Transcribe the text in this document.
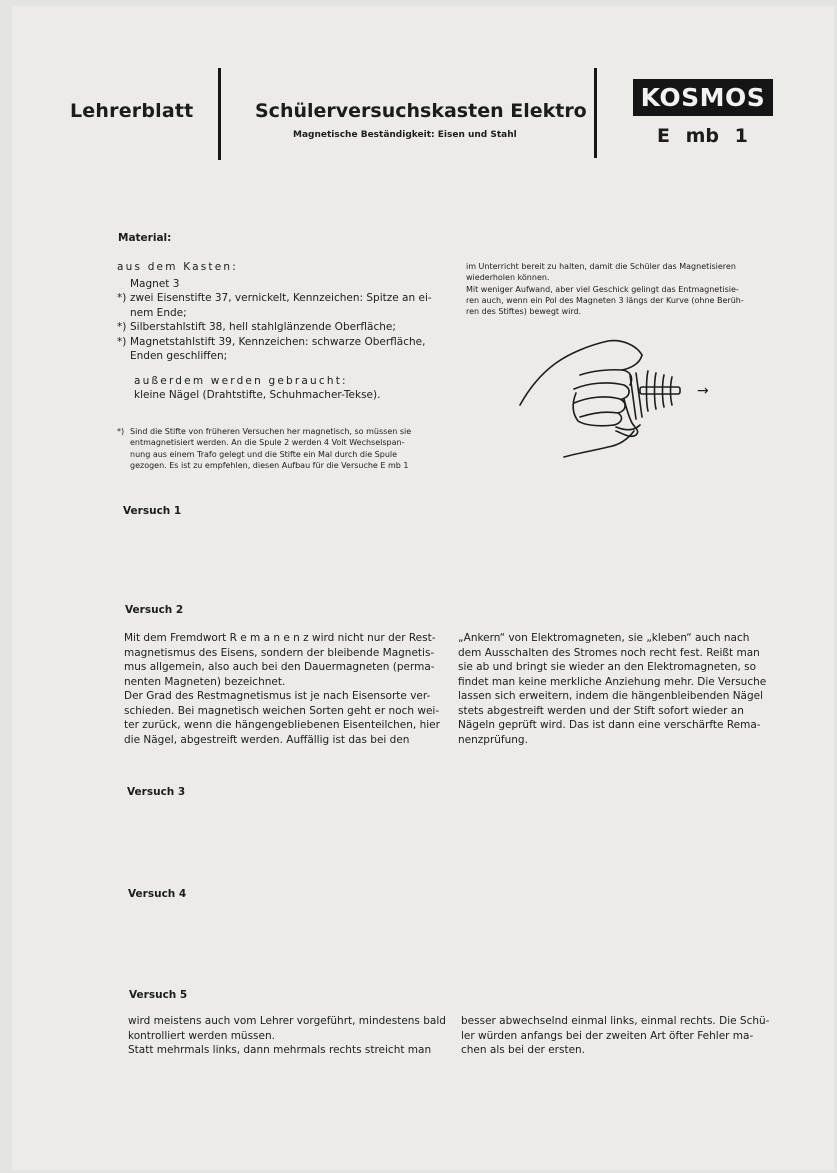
Lehrerblatt	Schülerversuchskasten Elektro
Magnetische Beständigkeit: Eisen und Stahl
KOSMOS
E mb 1
Material:
aus dem Kasten:
Magnet 3
*) zwei Eisenstifte 37, vernickelt, Kennzeichen: Spitze an ei-
nem Ende;
*) Silberstahlstift 38, hell stahlglänzende Oberfläche;
*) Magnetstahlstift 39, Kennzeichen: schwarze Oberfläche,
Enden geschliffen;
außerdem werden gebraucht:
kleine Nägel (Drahtstifte, Schuhmacher-Tekse).
*) Sind die Stifte von früheren Versuchen her magnetisch, so müssen sie
entmagnetisiert werden. An die Spule 2 werden 4 Volt Wechselspan-
nung aus einem Trafo gelegt und die Stifte ein Mal durch die Spule
gezogen. Es ist zu empfehlen, diesen Aufbau für die Versuche E mb 1
im Unterricht bereit zu halten, damit die Schüler das Magnetisieren
wiederholen können.
Mit weniger Aufwand, aber viel Geschick gelingt das Entmagnetisie-
ren auch, wenn ein Pol des Magneten 3 längs der Kurve (ohne Berüh-
ren des Stiftes) bewegt wird.
→
Versuch 1
Versuch 2
Mit dem Fremdwort R e m a n e n z wird nicht nur der Rest-
magnetismus des Eisens, sondern der bleibende Magnetis-
mus allgemein, also auch bei den Dauermagneten (perma-
nenten Magneten) bezeichnet.
Der Grad des Restmagnetismus ist je nach Eisensorte ver-
schieden. Bei magnetisch weichen Sorten geht er noch wei-
ter zurück, wenn die hängengebliebenen Eisenteilchen, hier
die Nägel, abgestreift werden. Auffällig ist das bei den
„Ankern“ von Elektromagneten, sie „kleben“ auch nach
dem Ausschalten des Stromes noch recht fest. Reißt man
sie ab und bringt sie wieder an den Elektromagneten, so
findet man keine merkliche Anziehung mehr. Die Versuche
lassen sich erweitern, indem die hängenbleibenden Nägel
stets abgestreift werden und der Stift sofort wieder an
Nägeln geprüft wird. Das ist dann eine verschärfte Rema-
nenzprüfung.
Versuch 3
Versuch 4
Versuch 5
wird meistens auch vom Lehrer vorgeführt, mindestens bald
kontrolliert werden müssen.
Statt mehrmals links, dann mehrmals rechts streicht man
besser abwechselnd einmal links, einmal rechts. Die Schü-
ler würden anfangs bei der zweiten Art öfter Fehler ma-
chen als bei der ersten.
